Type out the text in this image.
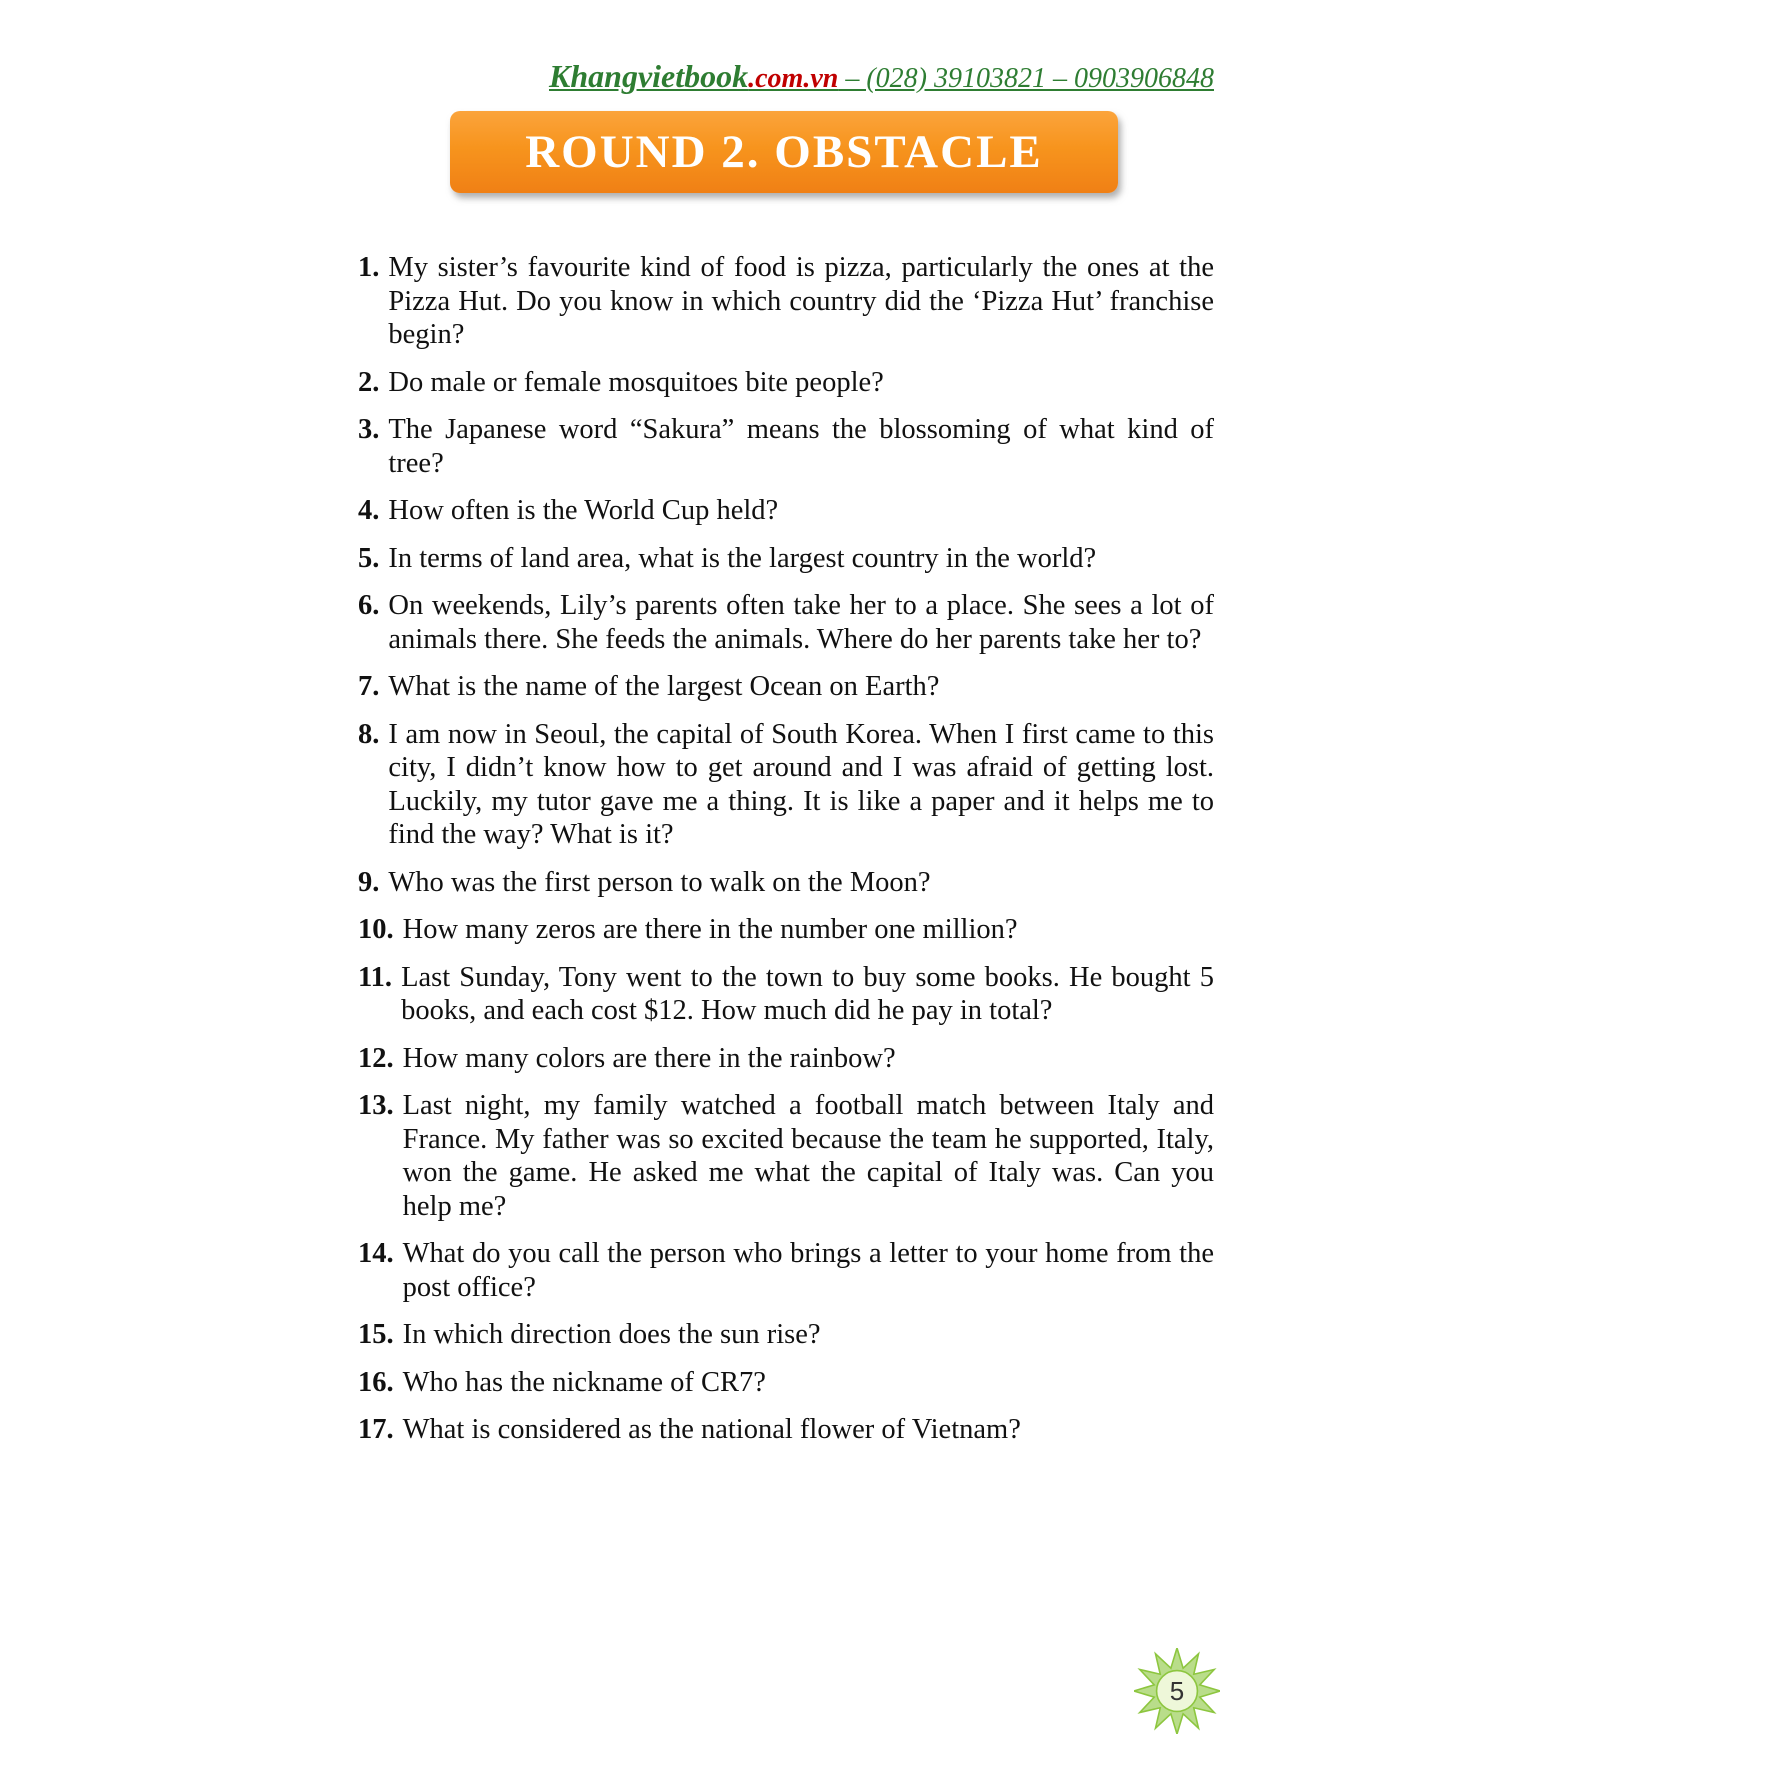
Khangvietbook.com.vn – (028) 39103821 – 0903906848
ROUND 2. OBSTACLE
1. My sister’s favourite kind of food is pizza, particularly the ones at the Pizza Hut. Do you know in which country did the ‘Pizza Hut’ franchise begin?
2. Do male or female mosquitoes bite people?
3. The Japanese word “Sakura” means the blossoming of what kind of tree?
4. How often is the World Cup held?
5. In terms of land area, what is the largest country in the world?
6. On weekends, Lily’s parents often take her to a place. She sees a lot of animals there. She feeds the animals. Where do her parents take her to?
7. What is the name of the largest Ocean on Earth?
8. I am now in Seoul, the capital of South Korea. When I first came to this city, I didn’t know how to get around and I was afraid of getting lost. Luckily, my tutor gave me a thing. It is like a paper and it helps me to find the way? What is it?
9. Who was the first person to walk on the Moon?
10. How many zeros are there in the number one million?
11. Last Sunday, Tony went to the town to buy some books. He bought 5 books, and each cost $12. How much did he pay in total?
12. How many colors are there in the rainbow?
13. Last night, my family watched a football match between Italy and France. My father was so excited because the team he supported, Italy, won the game. He asked me what the capital of Italy was. Can you help me?
14. What do you call the person who brings a letter to your home from the post office?
15. In which direction does the sun rise?
16. Who has the nickname of CR7?
17. What is considered as the national flower of Vietnam?
5
